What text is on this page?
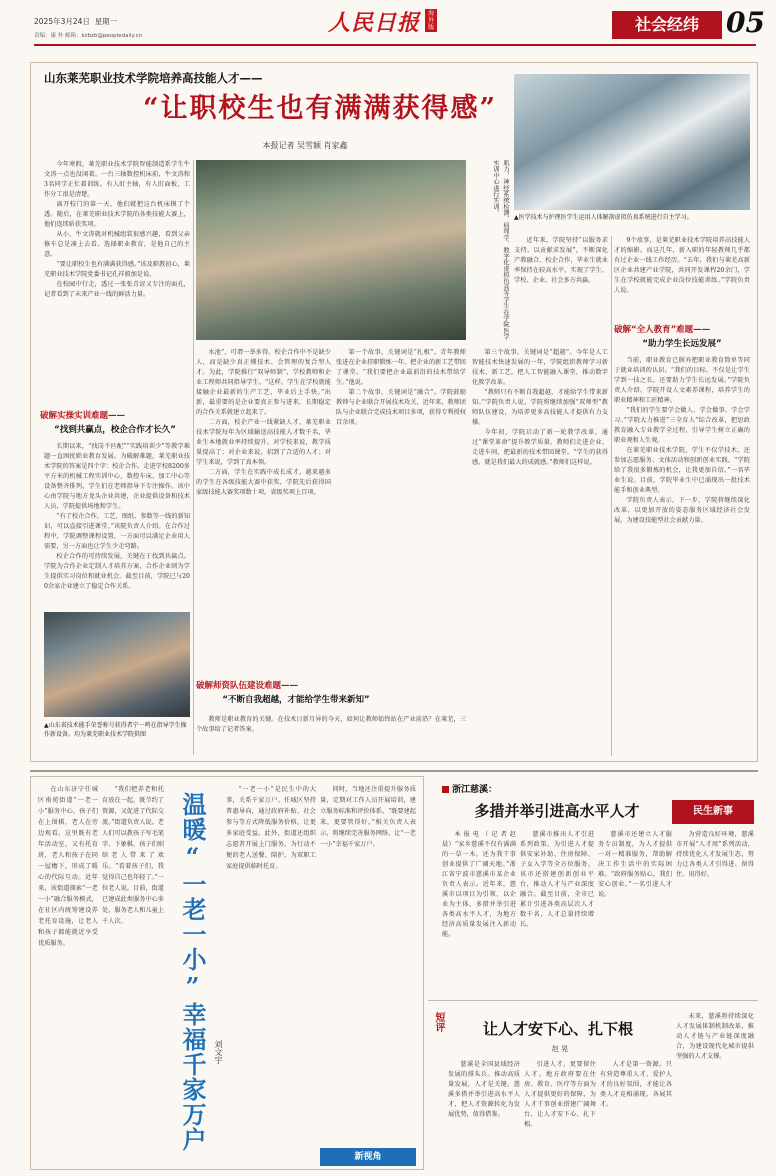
2025年3月24日 星期一
责编：康 朴 邮箱：kzbzb@peopledaily.cn	人民日报 海外版	社会经纬 05
山东莱芜职业技术学院培养高技能人才——
“让职校生也有满满获得感”
本报记者 吴雪颖 肖家鑫

今年寒假，莱芜职业技术学院智能制造系学生牛文涛一点也没闲着。一台三轴数控机床前，牛文涛和3名同学正忙着训练。有人盯主轴，有人盯面板，工作分工很是清楚。

离开校门的第一天，他们就把这台机床摸了个透。随后，在莱芜职业技术学院的各类技能大赛上，他们连续斩获奖项。

从小，牛文涛就对机械组装很感兴趣，看到父亲修车总是凑上去看。选择职业教育，是他自己的主意。

“要让职校生也有满满获得感。”该及职教初心，莱芜职业技术学院党委书记孔祥毅加是说。

在校园中行走，透过一张张青涩又专注的面孔，记者看到了未来产业一线的鲜活力量。

破解实操实训难题——
“找到共赢点，校企合作才长久”

长期以来，“找岗不匹配”“实践培训少”等教学难题一直困扰职业教育发展。为破解难题，莱芜职业技术学院的答案是四个字：校企合作。走进学校8200多平方米的机械工程实训中心，数控车床、加工中心等设备整齐排列，学生们在老师指导下专注操作。该中心由学院与地方龙头企业共建，企业提供设备和技术人员，学院提供场地和学生。

“有了校企合作，工艺、图纸、参数等一线的新知识，可以直接引进课堂。”该院负责人介绍。在合作过程中，学院调整课程设置，一方面可以满足企业用人需要，另一方面也让学生少走弯路。

校企合作的可持续发展，关键在于找到共赢点。学院为合作企业定制人才培养方案，合作企业则为学生提供实习岗位和就业机会。截至目前，学院已与200余家企业建立了稳定合作关系。

▲山东省技术能手荣誉称号获得者宁一鸣在指导学生操作新设备。均为莱芜职业技术学院供图
肌力、神经系统检测、病理学、数字化虚拟仿真等学生在学院医学实训中心进行实训。
▲医学技术与护理医学生运用人体解剖虚拟仿真系统进行自主学习。

水池”，可谓一举多得。校企合作中不是缺少人，而是缺少真正懂技术、会管理的复合型人才。为此，学院推行“双导师制”，学校教师和企业工程师共同指导学生。“这样，学生在学校就能接触企业最新的生产工艺，毕业后上手快。”出新，最重要的是企业要真正参与进来，长期稳定的合作关系就建立起来了。

二方面，校企产业一线紧缺人才，莱芜职业技术学院每年为区域输送高技能人才数千名，毕业生本地就业率持续提升。对学校来说，教学质量提高了；对企业来说，招到了合适的人才；对学生来说，学到了真本领。

二方面，学生在实践中成长成才，越来越多的学生在各级技能大赛中获奖，学院先后获得国家级技能大赛奖项数十项，省级奖项上百项。

破解师资队伍建设难题——
“不断自我超越，才能给学生带来新知”
教师是职业教育的关键。在技术日新月异的今天，如何让教师始终站在产业前沿？在莱芜，三个故事给了记者答案。

第一个故事，关键词是“扎根”。青年教师张进在企业挂职锻炼一年，把企业的新工艺带回了课堂。“我们要把企业最前沿的技术带给学生。”他说。

第二个故事，关键词是“融合”。学院鼓励教师与企业联合开展技术攻关，近年来，教师团队与企业联合完成技术项目多项，获得专利授权百余项。

第三个故事，关键词是“超越”。今年是人工智能技术快速发展的一年，学院组织教师学习新技术、新工艺，把人工智能融入课堂，推动数字化教学改革。

“教师只有不断自我超越，才能给学生带来新知。”学院负责人说，学院将继续加强“双师型”教师队伍建设，为培养更多高技能人才提供有力支撑。

今年初，学院启动了新一轮教学改革，通过“课堂革命”提升教学质量。教师们走进企业、走进车间，把最新的技术带回课堂。“学生的获得感，就是我们最大的成就感。”教师们这样说。

9个故事，是莱芜职业技术学院培养高技能人才的缩影。而这几年，新入职的年轻教师几乎都有过企业一线工作经历。“去年，我们与莱芜高新区企业共建产业学院，共同开发课程20余门，学生在学校就能完成企业岗位技能训练。”学院负责人说。

近年来，学院坚持“以服务求支持、以贡献求发展”，不断深化产教融合、校企合作，毕业生就业率保持在较高水平，实现了学生、学校、企业、社会多方共赢。

破解“全人教育”难题——
“助力学生长远发展”

当前，职业教育已摒弃把职业教育简单等同于就业培训的认识。“我们的目标，不仅是让学生学到一技之长，还要助力学生长远发展。”学院负责人介绍。学院开设人文素养课程，培养学生的职业精神和工匠精神。

“我们的学生要学会做人、学会做事、学会学习。”学院大力推进“三全育人”综合改革，把思政教育融入专业教学全过程，引导学生树立正确的职业观和人生观。

在莱芜职业技术学院，学生不仅学技术，还参加志愿服务、文体活动和创新创业实践。“学院给了我很多锻炼的机会，让我更加自信。”一名毕业生说。目前，学院毕业生中已涌现出一批技术能手和创业典型。

学院负责人表示，下一步，学院将继续深化改革，以更加开放的姿态服务区域经济社会发展，为建设技能型社会贡献力量。

在山东济宁任城区南苑街道“一老一小”服务中心，孩子们在上围棋，老人在旁边观看。这里既有老年活动室，又有托育班，老人和孩子在同一屋檐下，形成了暖心的代际互动。近年来，该街道探索“一老一小”融合服务模式，在社区内统筹建设养老托育设施，让老人和孩子都能就近享受优质服务。
“我们把养老和托育放在一起，既节约了资源，又促进了代际交流。”街道负责人说。老人们可以教孩子写毛笔字、下象棋，孩子们则给老人带来了欢乐。“看着孩子们，我觉得自己也年轻了。”一位老人说。目前，街道已建成此类服务中心多处，服务老人和儿童上千人次。	温暖“一老一小”幸福千家万户 刘文宇
“一老一小”是民生中的大事，关系千家万户。任城区坚持普惠导向，通过政府补贴、社会参与等方式降低服务价格，让更多家庭受益。此外，街道还组织志愿者开展上门服务，为行动不便的老人送餐、陪护，为双职工家庭提供临时托育。
同时，当地还注重提升服务质量，定期对工作人员开展培训，建立服务标准和评价体系。“既要建起来，更要管得好。”相关负责人表示，将继续完善服务网络，让“一老一小”幸福千家万户。
新视角
浙江慈溪：
多措并举引进高水平人才	民生新事
本报电（记者赵晨）“家乡慈溪不仅有满满的一草一木，还为我干事创业提供了广阔天地。”浙江省宁波市慈溪市某企业负责人表示。近年来，慈溪市以项目为引领，以企业为主体，多措并举引进各类高水平人才，为地方经济高质量发展注入新动能。
慈溪市推出人才引进系列政策，为引进人才提供安家补助、住房保障、子女入学等全方位服务。该市还搭建创新创业平台，推动人才与产业深度融合。截至目前，全市已累计引进各类高层次人才数千名，人才总量持续增长。
慈溪市还建立人才服务专员制度，为人才提供一对一精准服务，帮助解决工作生活中的实际困难。“政府服务贴心，我们安心创业。”一名引进人才说。
为营造良好环境，慈溪市开展“人才周”系列活动，持续优化人才发展生态，努力让各类人才引得进、留得住、用得好。
短评	让人才安下心、扎下根
赵 晃
慈溪是全国县域经济发展的排头兵。推动高质量发展，人才是关键。慈溪多措并举引进高水平人才，把人才资源转化为发展优势，值得借鉴。
引进人才，更要留住人才。地方政府要在住房、教育、医疗等方面为人才提供更好的保障，为人才干事创业搭建广阔舞台，让人才安下心、扎下根。
人才是第一资源。只有营造尊重人才、爱护人才的良好氛围，才能让各类人才竞相涌现、各展其才。
未来，慈溪将持续深化人才发展体制机制改革，推动人才链与产业链深度融合，为建设现代化城市提供坚强的人才支撑。
